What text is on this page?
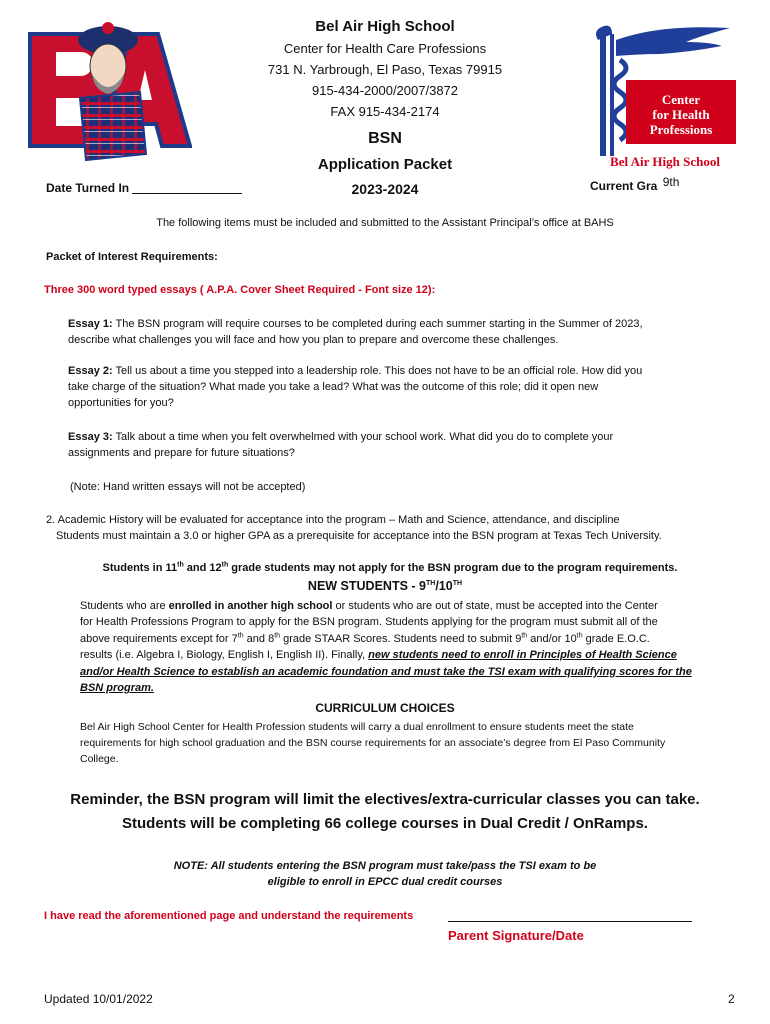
Center
for Health
Professions
Bel Air High School
Bel Air High School
Center for Health Care Professions
731 N. Yarbrough, El Paso, Texas 79915
915-434-2000/2007/3872
FAX 915-434-2174
BSN
Application Packet
2023-2024
Date Turned In	Current Gra 9th
The following items must be included and submitted to the Assistant Principal’s office at BAHS
Packet of Interest Requirements:
Three 300 word typed essays ( A.P.A. Cover Sheet Required - Font size 12):
Essay 1: The BSN program will require courses to be completed during each summer starting in the Summer of 2023,
describe what challenges you will face and how you plan to prepare and overcome these challenges.
Essay 2: Tell us about a time you stepped into a leadership role. This does not have to be an official role. How did you
take charge of the situation? What made you take a lead? What was the outcome of this role; did it open new
opportunities for you?
Essay 3: Talk about a time when you felt overwhelmed with your school work. What did you do to complete your
assignments and prepare for future situations?
(Note: Hand written essays will not be accepted)
2. Academic History will be evaluated for acceptance into the program – Math and Science, attendance, and discipline
Students must maintain a 3.0 or higher GPA as a prerequisite for acceptance into the BSN program at Texas Tech University.
Students in 11th and 12th grade students may not apply for the BSN program due to the program requirements.
NEW STUDENTS - 9TH/10TH
Students who are enrolled in another high school or students who are out of state, must be accepted into the Center
for Health Professions Program to apply for the BSN program. Students applying for the program must submit all of the
above requirements except for 7th and 8th grade STAAR Scores. Students need to submit 9th and/or 10th grade E.O.C.
results (i.e. Algebra I, Biology, English I, English II). Finally, new students need to enroll in Principles of Health Science
and/or Health Science to establish an academic foundation and must take the TSI exam with qualifying scores for the
BSN program.
CURRICULUM CHOICES
Bel Air High School Center for Health Profession students will carry a dual enrollment to ensure students meet the state
requirements for high school graduation and the BSN course requirements for an associate’s degree from El Paso Community
College.
Reminder, the BSN program will limit the electives/extra-curricular classes you can take.
Students will be completing 66 college courses in Dual Credit / OnRamps.
NOTE: All students entering the BSN program must take/pass the TSI exam to be
eligible to enroll in EPCC dual credit courses
I have read the aforementioned page and understand the requirements
Parent Signature/Date
Updated 10/01/2022	2
